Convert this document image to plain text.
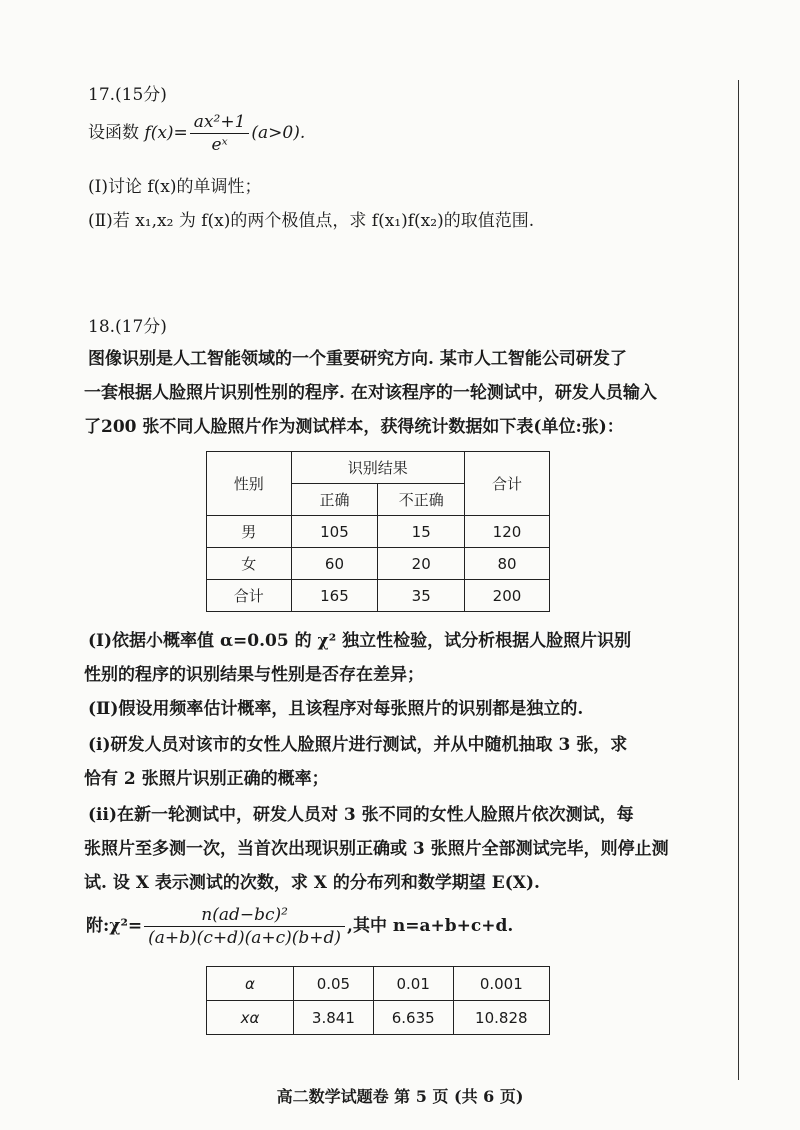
17.(15分)
设函数 $f(x)= \frac{\text{ax²+1}}{\text{eˣ}} (a>0)$.
(Ⅰ)讨论 f(x)的单调性；
(Ⅱ)若 x₁,x₂ 为 f(x)的两个极值点，求 f(x₁)f(x₂)的取值范围.
18.(17分)
图像识别是人工智能领域的一个重要研究方向. 某市人工智能公司研发了
一套根据人脸照片识别性别的程序. 在对该程序的一轮测试中，研发人员输入
了200 张不同人脸照片作为测试样本，获得统计数据如下表(单位:张)：
性别	识别结果		合计
	正确	不正确	
男	105	15	120
女	60	20	80
合计	165	35	200
(Ⅰ)依据小概率值 α=0.05 的 χ² 独立性检验，试分析根据人脸照片识别
性别的程序的识别结果与性别是否存在差异；
(Ⅱ)假设用频率估计概率，且该程序对每张照片的识别都是独立的.
(ⅰ)研发人员对该市的女性人脸照片进行测试，并从中随机抽取 3 张，求
恰有 2 张照片识别正确的概率；
(ⅱ)在新一轮测试中，研发人员对 3 张不同的女性人脸照片依次测试，每
张照片至多测一次，当首次出现识别正确或 3 张照片全部测试完毕，则停止测
试. 设 X 表示测试的次数，求 X 的分布列和数学期望 E(X).
附:χ²= $\frac{\text{n(ad−bc)²}}{(a+b)(c+d)(a+c)(b+d)}$ ,其中 n=a+b+c+d.
α	0.05	0.01	0.001
xα	3.841	6.635	10.828
高二数学试题卷 第 5 页 (共 6 页)
